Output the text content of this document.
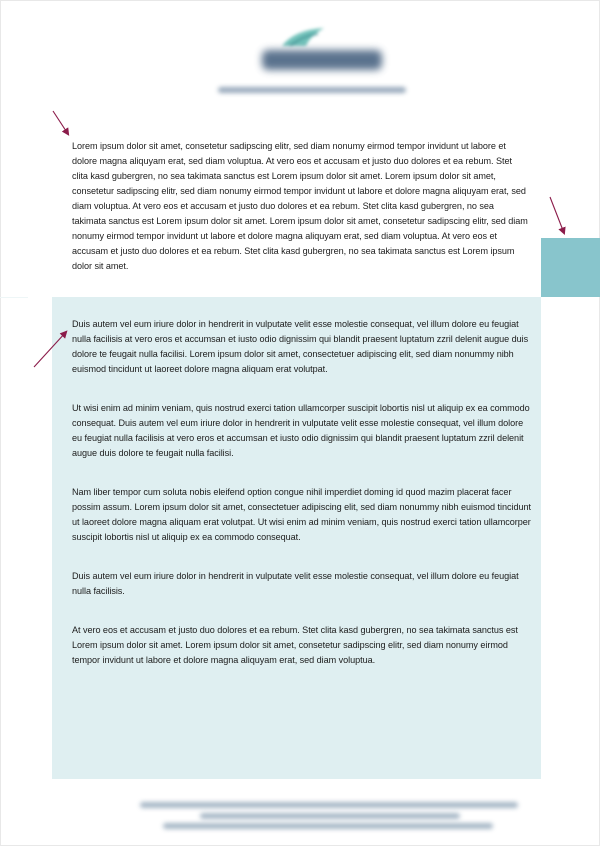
Lorem ipsum dolor sit amet, consetetur sadipscing elitr, sed diam nonumy eirmod tempor invidunt ut labore et dolore magna aliquyam erat, sed diam voluptua. At vero eos et accusam et justo duo dolores et ea rebum. Stet clita kasd gubergren, no sea takimata sanctus est Lorem ipsum dolor sit amet. Lorem ipsum dolor sit amet, consetetur sadipscing elitr, sed diam nonumy eirmod tempor invidunt ut labore et dolore magna aliquyam erat, sed diam voluptua. At vero eos et accusam et justo duo dolores et ea rebum. Stet clita kasd gubergren, no sea takimata sanctus est Lorem ipsum dolor sit amet. Lorem ipsum dolor sit amet, consetetur sadipscing elitr, sed diam nonumy eirmod tempor invidunt ut labore et dolore magna aliquyam erat, sed diam voluptua. At vero eos et accusam et justo duo dolores et ea rebum. Stet clita kasd gubergren, no sea takimata sanctus est Lorem ipsum dolor sit amet.

Duis autem vel eum iriure dolor in hendrerit in vulputate velit esse molestie consequat, vel illum dolore eu feugiat nulla facilisis at vero eros et accumsan et iusto odio dignissim qui blandit praesent luptatum zzril delenit augue duis dolore te feugait nulla facilisi. Lorem ipsum dolor sit amet, consectetuer adipiscing elit, sed diam nonummy nibh euismod tincidunt ut laoreet dolore magna aliquam erat volutpat.

Ut wisi enim ad minim veniam, quis nostrud exerci tation ullamcorper suscipit lobortis nisl ut aliquip ex ea commodo consequat. Duis autem vel eum iriure dolor in hendrerit in vulputate velit esse molestie consequat, vel illum dolore eu feugiat nulla facilisis at vero eros et accumsan et iusto odio dignissim qui blandit praesent luptatum zzril delenit augue duis dolore te feugait nulla facilisi.

Nam liber tempor cum soluta nobis eleifend option congue nihil imperdiet doming id quod mazim placerat facer possim assum. Lorem ipsum dolor sit amet, consectetuer adipiscing elit, sed diam nonummy nibh euismod tincidunt ut laoreet dolore magna aliquam erat volutpat. Ut wisi enim ad minim veniam, quis nostrud exerci tation ullamcorper suscipit lobortis nisl ut aliquip ex ea commodo consequat.

Duis autem vel eum iriure dolor in hendrerit in vulputate velit esse molestie consequat, vel illum dolore eu feugiat nulla facilisis.

At vero eos et accusam et justo duo dolores et ea rebum. Stet clita kasd gubergren, no sea takimata sanctus est Lorem ipsum dolor sit amet. Lorem ipsum dolor sit amet, consetetur sadipscing elitr, sed diam nonumy eirmod tempor invidunt ut labore et dolore magna aliquyam erat, sed diam voluptua.
